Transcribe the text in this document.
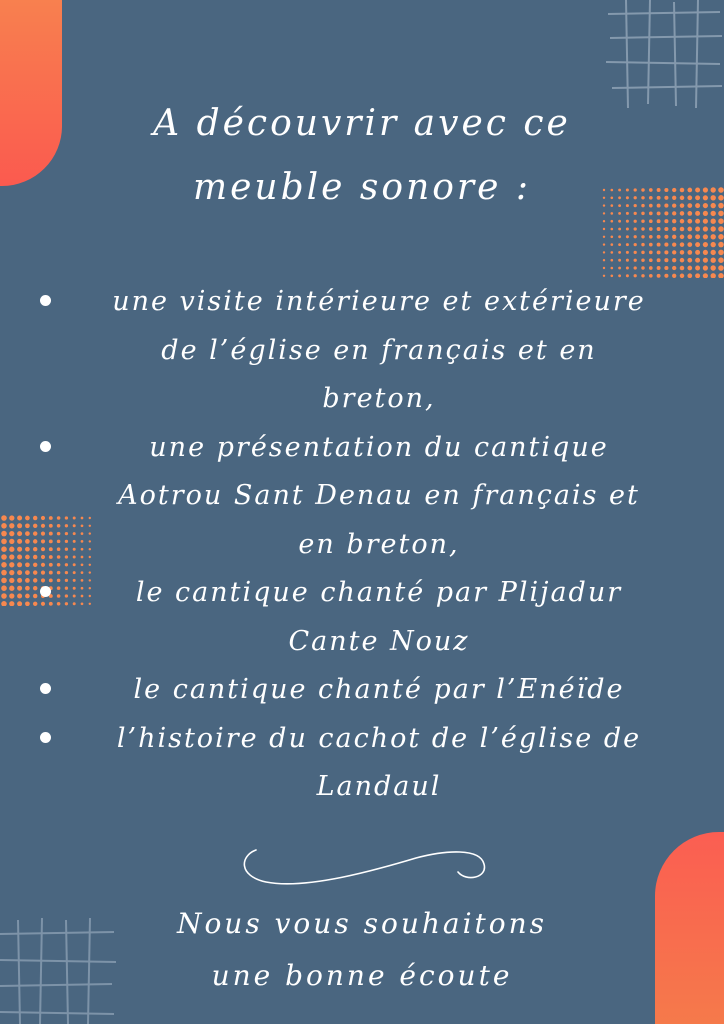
A découvrir avec ce
meuble sonore :
une visite intérieure et extérieure
de l’église en français et en
breton,
une présentation du cantique
Aotrou Sant Denau en français et
en breton,
le cantique chanté par Plijadur
Cante Nouz
le cantique chanté par l’Enéïde
l’histoire du cachot de l’église de
Landaul
Nous vous souhaitons
une bonne écoute
